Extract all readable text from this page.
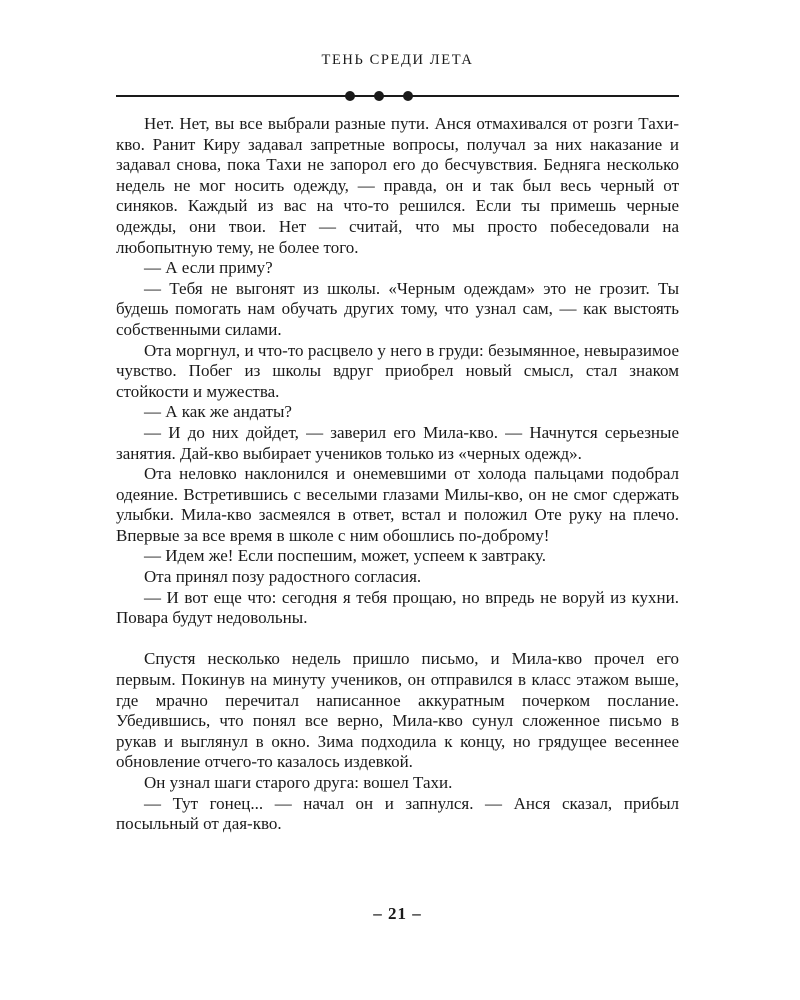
ТЕНЬ СРЕДИ ЛЕТА

Нет. Нет, вы все выбрали разные пути. Анся отмахивался от розги Тахи-кво. Ранит Киру задавал запретные вопросы, получал за них наказание и задавал снова, пока Тахи не запорол его до бесчувствия. Бедняга несколько недель не мог носить одежду, — правда, он и так был весь черный от синяков. Каждый из вас на что-то решился. Если ты примешь черные одежды, они твои. Нет — считай, что мы просто побеседовали на любопытную тему, не более того.

— А если приму?

— Тебя не выгонят из школы. «Черным одеждам» это не грозит. Ты будешь помогать нам обучать других тому, что узнал сам, — как выстоять собственными силами.

Ота моргнул, и что-то расцвело у него в груди: безымянное, невыразимое чувство. Побег из школы вдруг приобрел новый смысл, стал знаком стойкости и мужества.

— А как же андаты?

— И до них дойдет, — заверил его Мила-кво. — Начнутся серьезные занятия. Дай-кво выбирает учеников только из «черных одежд».

Ота неловко наклонился и онемевшими от холода пальцами подобрал одеяние. Встретившись с веселыми глазами Милы-кво, он не смог сдержать улыбки. Мила-кво засмеялся в ответ, встал и положил Оте руку на плечо. Впервые за все время в школе с ним обошлись по-доброму!

— Идем же! Если поспешим, может, успеем к завтраку.

Ота принял позу радостного согласия.

— И вот еще что: сегодня я тебя прощаю, но впредь не воруй из кухни. Повара будут недовольны.

Спустя несколько недель пришло письмо, и Мила-кво прочел его первым. Покинув на минуту учеников, он отправился в класс этажом выше, где мрачно перечитал написанное аккуратным почерком послание. Убедившись, что понял все верно, Мила-кво сунул сложенное письмо в рукав и выглянул в окно. Зима подходила к концу, но грядущее весеннее обновление отчего-то казалось издевкой.

Он узнал шаги старого друга: вошел Тахи.

— Тут гонец... — начал он и запнулся. — Анся сказал, прибыл посыльный от дая-кво.

– 21 –
